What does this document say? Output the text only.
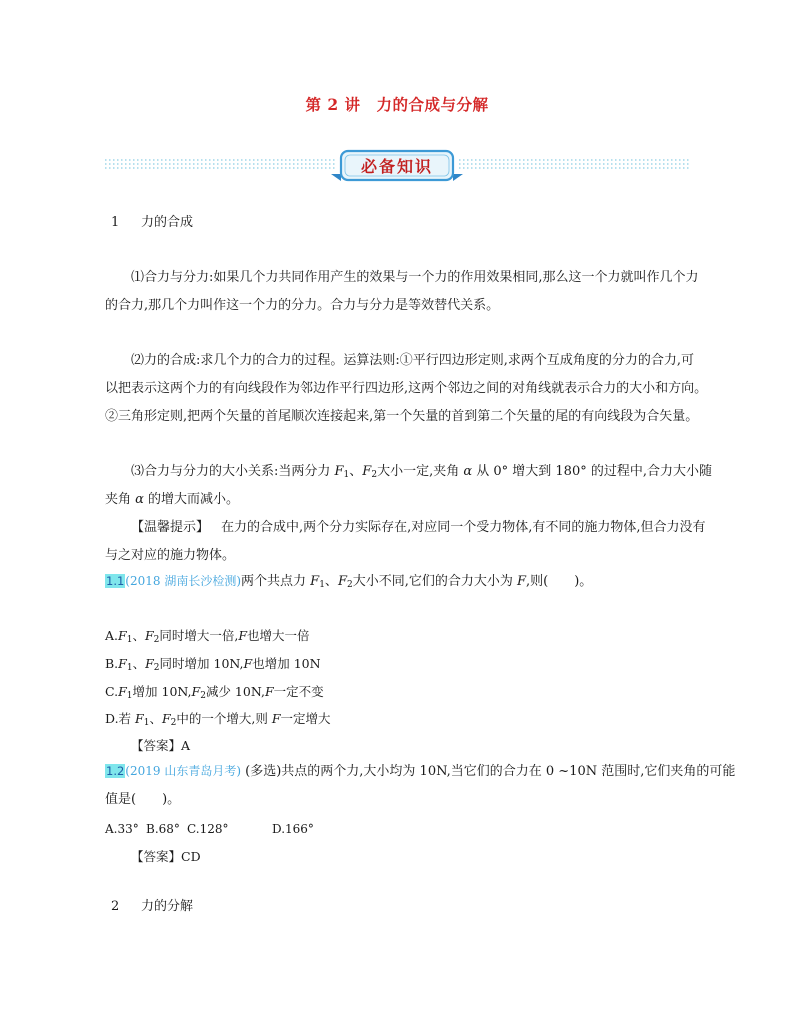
第 2 讲　力的合成与分解
必备知识
1 力的合成
⑴合力与分力:如果几个力共同作用产生的效果与一个力的作用效果相同,那么这一个力就叫作几个力
的合力,那几个力叫作这一个力的分力。合力与分力是等效替代关系。
⑵力的合成:求几个力的合力的过程。运算法则:①平行四边形定则,求两个互成角度的分力的合力,可
以把表示这两个力的有向线段作为邻边作平行四边形,这两个邻边之间的对角线就表示合力的大小和方向。
②三角形定则,把两个矢量的首尾顺次连接起来,第一个矢量的首到第二个矢量的尾的有向线段为合矢量。
⑶合力与分力的大小关系:当两分力 $F_1$、$F_2$大小一定,夹角 α 从 0° 增大到 180° 的过程中,合力大小随
夹角 α 的增大而减小。
【温馨提示】 在力的合成中,两个分力实际存在,对应同一个受力物体,有不同的施力物体,但合力没有
与之对应的施力物体。
1.1(2018 湖南长沙检测)两个共点力 $F_1$、$F_2$大小不同,它们的合力大小为 F,则(　　)。
$A.F_1$、$F_2$同时增大一倍,F也增大一倍
$B.F_1$、$F_2$同时增加 10N,F也增加 10N
$C.F_1$增加 $10N,F_2$减少 10N,F一定不变
D.若 $F_1$、$F_2$中的一个增大,则 F一定增大
【答案】A
1.2(2019 山东青岛月考) (多选)共点的两个力,大小均为 10N,当它们的合力在 0 ~10N 范围时,它们夹角的可能
值是(　　)。
A.33° B.68° C.128°	D.166°
【答案】CD
2 力的分解
